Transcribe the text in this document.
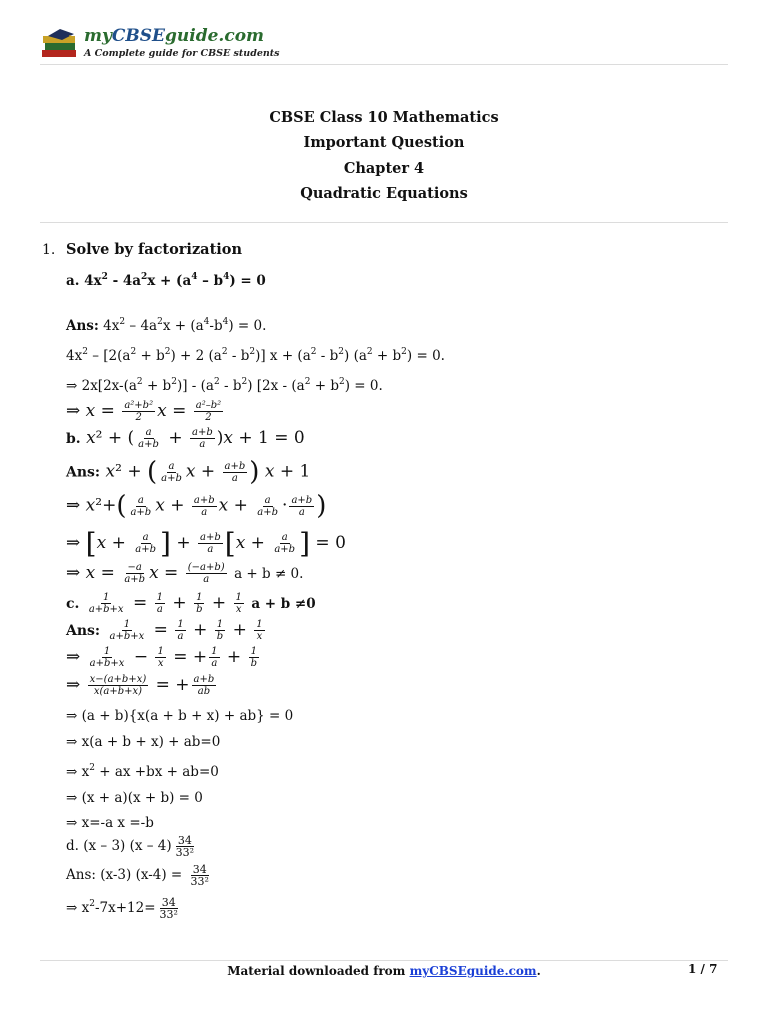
myCBSEguide.com
A Complete guide for CBSE students
CBSE Class 10 Mathematics
Important Question
Chapter 4
Quadratic Equations
1. Solve by factorization
a. $4x^2 - 4a^2x + (a^4 - b^4) = 0$
Ans: $4x^2 - 4a^2x + (a^4-b^4) = 0$.
$4x^2 - [2(a^2 + b^2) + 2$ $(a^2 - b^2)$] $x + (a^2 - b^2) (a^2 + b^2) = 0$.
⇒ $2x[2x-(a^2 + b^2)] - (a^2 - b^2)$ [$2x - (a^2 + b^2) = 0$.
⇒ $x = \frac{\text{a²+b²}}{2}$ $x = \frac{\text{a²–b²}}{2}$
b. x² + ( $\frac{a}{a+b} + \frac{a+b}{a} )x + 1 = 0$
Ans: x² + ( $\frac{a}{a+b}$ $x + \frac{a+b}{a}$ ) x + 1
⇒ $x^2+( \frac{a}{a+b}$ $x + \frac{a+b}{a}$ $x + \frac{a}{a+b} \cdot \frac{a+b}{a}$ )
⇒ [$x + \frac{a}{a+b}$ ] + $\frac{a+b}{a} [x + \frac{a}{a+b}$ ] = 0
⇒ $x = \frac{-a}{a+b}$ $x = \frac{(-a+b)}{a}$ a + b ≠ 0.
c. $\frac{1}{a+b+x} = \frac{1}{a} + \frac{1}{b} + \frac{1}{x}$ a + b ≠0
Ans: $\frac{1}{a+b+x} = \frac{1}{a} + \frac{1}{b} + \frac{1}{x}$
⇒ $\frac{1}{a+b+x} - \frac{1}{x}$ = + $\frac{1}{a} + \frac{1}{b}$
⇒ $\frac{x-(a+b+x)}{x(a+b+x)}$ = + $\frac{a+b}{ab}$
⇒ (a + b){x(a + b + x) + ab} = 0
⇒ x(a + b + x) + ab=0
⇒ $x^2$ + ax +bx + ab=0
⇒ (x + a)(x + b) = 0
⇒ x=-a x =-b
d. (x – 3) $(x - 4) \frac{34}{\text{33²}}$
Ans: (x-3) $(x-4) = \frac{34}{\text{33²}}$
⇒ $x^2-7x+12= \frac{34}{\text{33²}}$
Material downloaded from myCBSEguide.com.	1 / 7
